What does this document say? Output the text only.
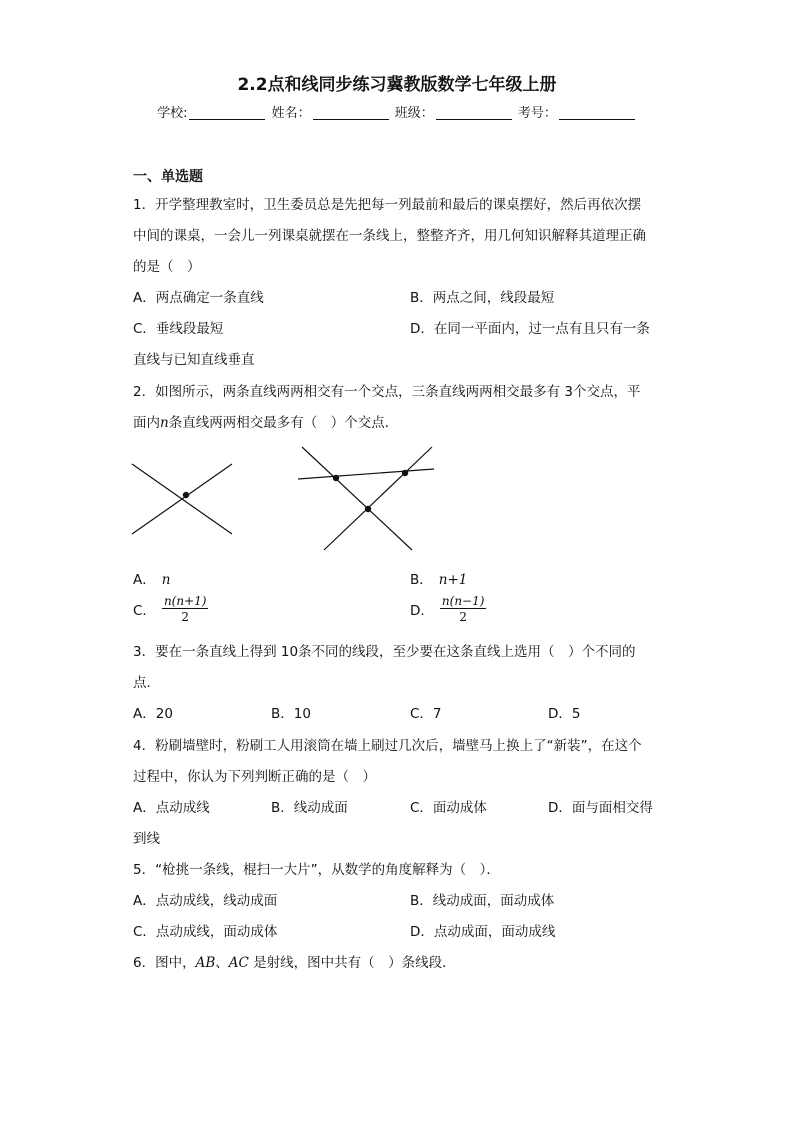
2.2点和线同步练习冀教版数学七年级上册
学校:	姓名：	班级：	考号：
一、单选题
1．开学整理教室时，卫生委员总是先把每一列最前和最后的课桌摆好，然后再依次摆
中间的课桌，一会儿一列课桌就摆在一条线上，整整齐齐，用几何知识解释其道理正确
的是（　）
A．两点确定一条直线	B．两点之间，线段最短
C．垂线段最短	D．在同一平面内，过一点有且只有一条
直线与已知直线垂直
2．如图所示，两条直线两两相交有一个交点，三条直线两两相交最多有 3个交点，平
面内n条直线两两相交最多有（　）个交点．
A． n	B． n+1
C． $\frac{n(n+1)}{2}$	D． $\frac{n(n-1)}{2}$
3．要在一条直线上得到 10条不同的线段，至少要在这条直线上选用（　）个不同的
点．
A．20	B．10	C．7	D．5
4．粉刷墙壁时，粉刷工人用滚筒在墙上刷过几次后，墙壁马上换上了“新装”，在这个
过程中，你认为下列判断正确的是（　）
A．点动成线	B．线动成面	C．面动成体	D．面与面相交得
到线
5．“枪挑一条线，棍扫一大片”，从数学的角度解释为（　）．
A．点动成线，线动成面	B．线动成面，面动成体
C．点动成线，面动成体	D．点动成面，面动成线
6．图中，AB、AC 是射线，图中共有（　）条线段．
